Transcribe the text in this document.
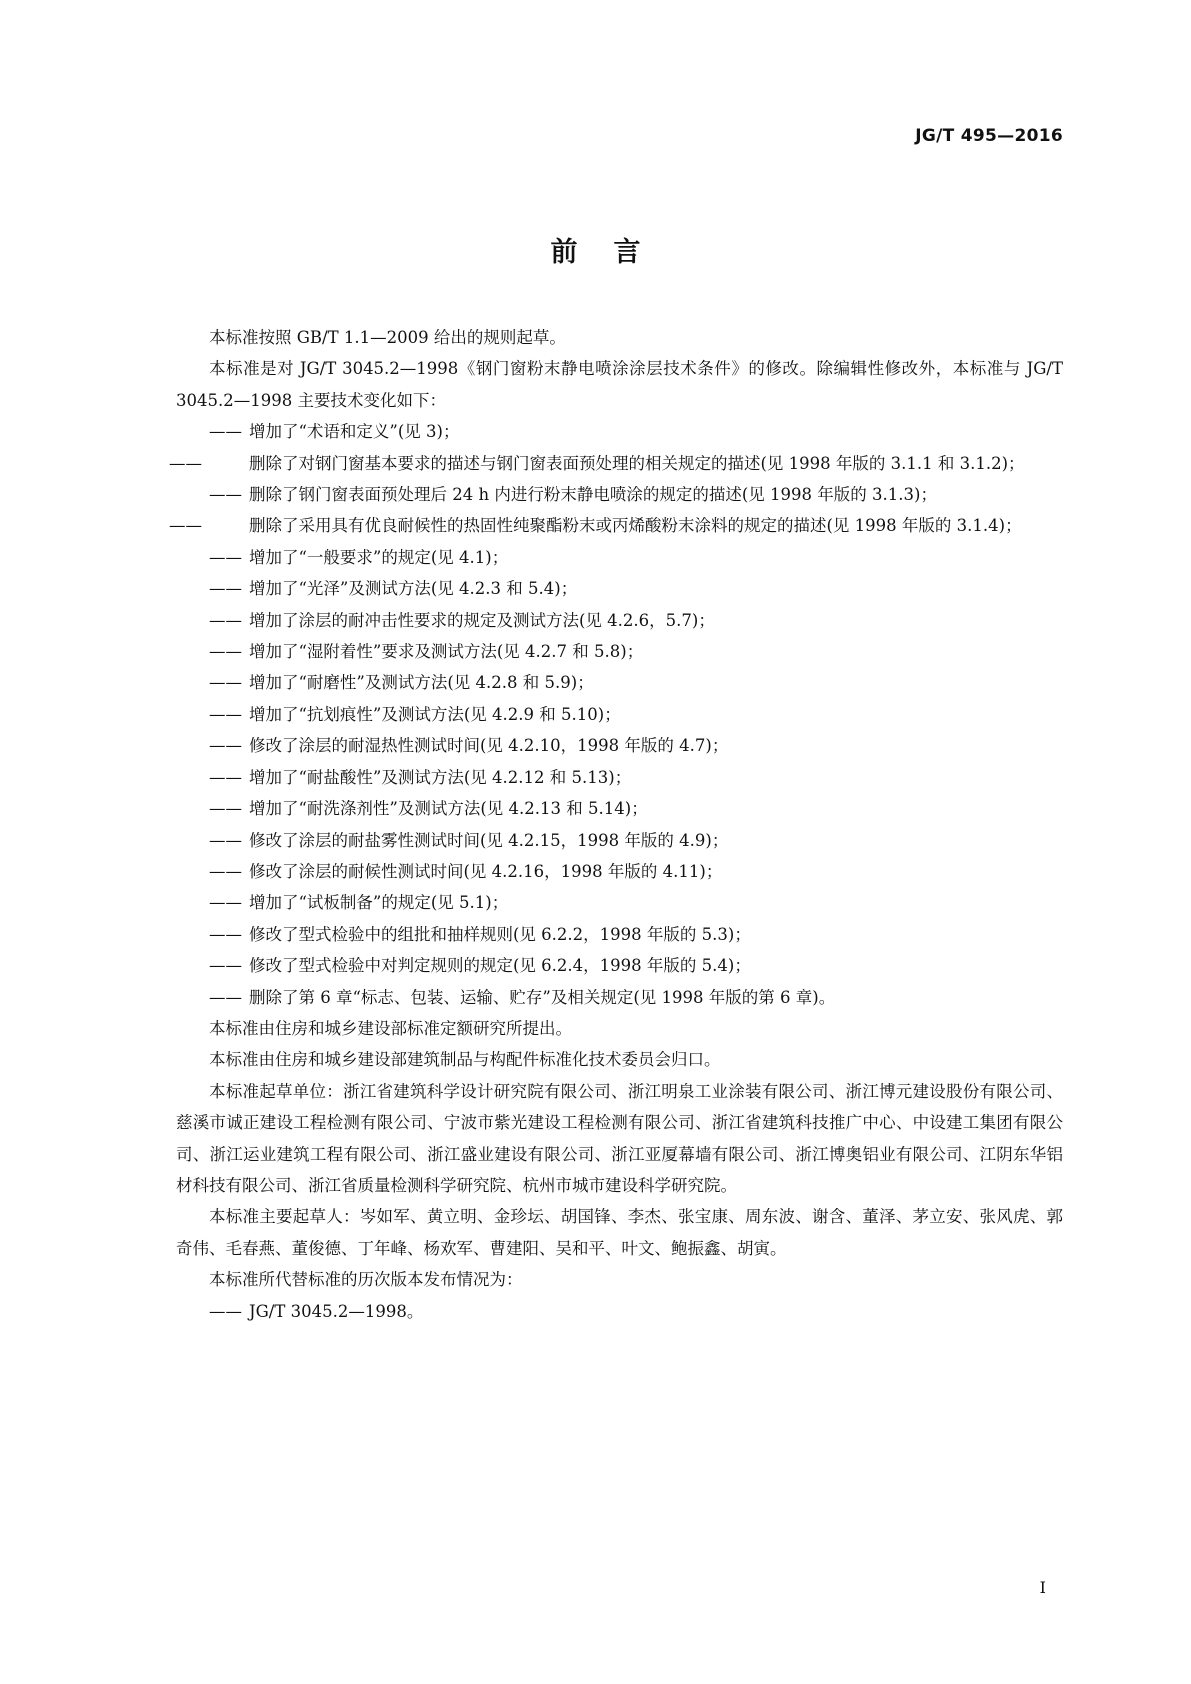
JG/T 495—2016
前言

本标准按照 GB/T 1.1—2009 给出的规则起草。

本标准是对 JG/T 3045.2—1998《钢门窗粉末静电喷涂涂层技术条件》的修改。除编辑性修改外，本标准与 JG/T 3045.2—1998 主要技术变化如下：

—— 增加了“术语和定义”(见 3)；

——	删除了对钢门窗基本要求的描述与钢门窗表面预处理的相关规定的描述(见 1998 年版的 3.1.1 和 3.1.2)；

—— 删除了钢门窗表面预处理后 24 h 内进行粉末静电喷涂的规定的描述(见 1998 年版的 3.1.3)；

——	删除了采用具有优良耐候性的热固性纯聚酯粉末或丙烯酸粉末涂料的规定的描述(见 1998 年版的 3.1.4)；

—— 增加了“一般要求”的规定(见 4.1)；

—— 增加了“光泽”及测试方法(见 4.2.3 和 5.4)；

—— 增加了涂层的耐冲击性要求的规定及测试方法(见 4.2.6，5.7)；

—— 增加了“湿附着性”要求及测试方法(见 4.2.7 和 5.8)；

—— 增加了“耐磨性”及测试方法(见 4.2.8 和 5.9)；

—— 增加了“抗划痕性”及测试方法(见 4.2.9 和 5.10)；

—— 修改了涂层的耐湿热性测试时间(见 4.2.10，1998 年版的 4.7)；

—— 增加了“耐盐酸性”及测试方法(见 4.2.12 和 5.13)；

—— 增加了“耐洗涤剂性”及测试方法(见 4.2.13 和 5.14)；

—— 修改了涂层的耐盐雾性测试时间(见 4.2.15，1998 年版的 4.9)；

—— 修改了涂层的耐候性测试时间(见 4.2.16，1998 年版的 4.11)；

—— 增加了“试板制备”的规定(见 5.1)；

—— 修改了型式检验中的组批和抽样规则(见 6.2.2，1998 年版的 5.3)；

—— 修改了型式检验中对判定规则的规定(见 6.2.4，1998 年版的 5.4)；

—— 删除了第 6 章“标志、包装、运输、贮存”及相关规定(见 1998 年版的第 6 章)。

本标准由住房和城乡建设部标准定额研究所提出。

本标准由住房和城乡建设部建筑制品与构配件标准化技术委员会归口。

本标准起草单位：浙江省建筑科学设计研究院有限公司、浙江明泉工业涂装有限公司、浙江博元建设股份有限公司、慈溪市诚正建设工程检测有限公司、宁波市紫光建设工程检测有限公司、浙江省建筑科技推广中心、中设建工集团有限公司、浙江运业建筑工程有限公司、浙江盛业建设有限公司、浙江亚厦幕墙有限公司、浙江博奥铝业有限公司、江阴东华铝材科技有限公司、浙江省质量检测科学研究院、杭州市城市建设科学研究院。

本标准主要起草人：岑如军、黄立明、金珍坛、胡国锋、李杰、张宝康、周东波、谢含、董泽、茅立安、张风虎、郭奇伟、毛春燕、董俊德、丁年峰、杨欢军、曹建阳、吴和平、叶文、鲍振鑫、胡寅。

本标准所代替标准的历次版本发布情况为：

—— JG/T 3045.2—1998。

I
